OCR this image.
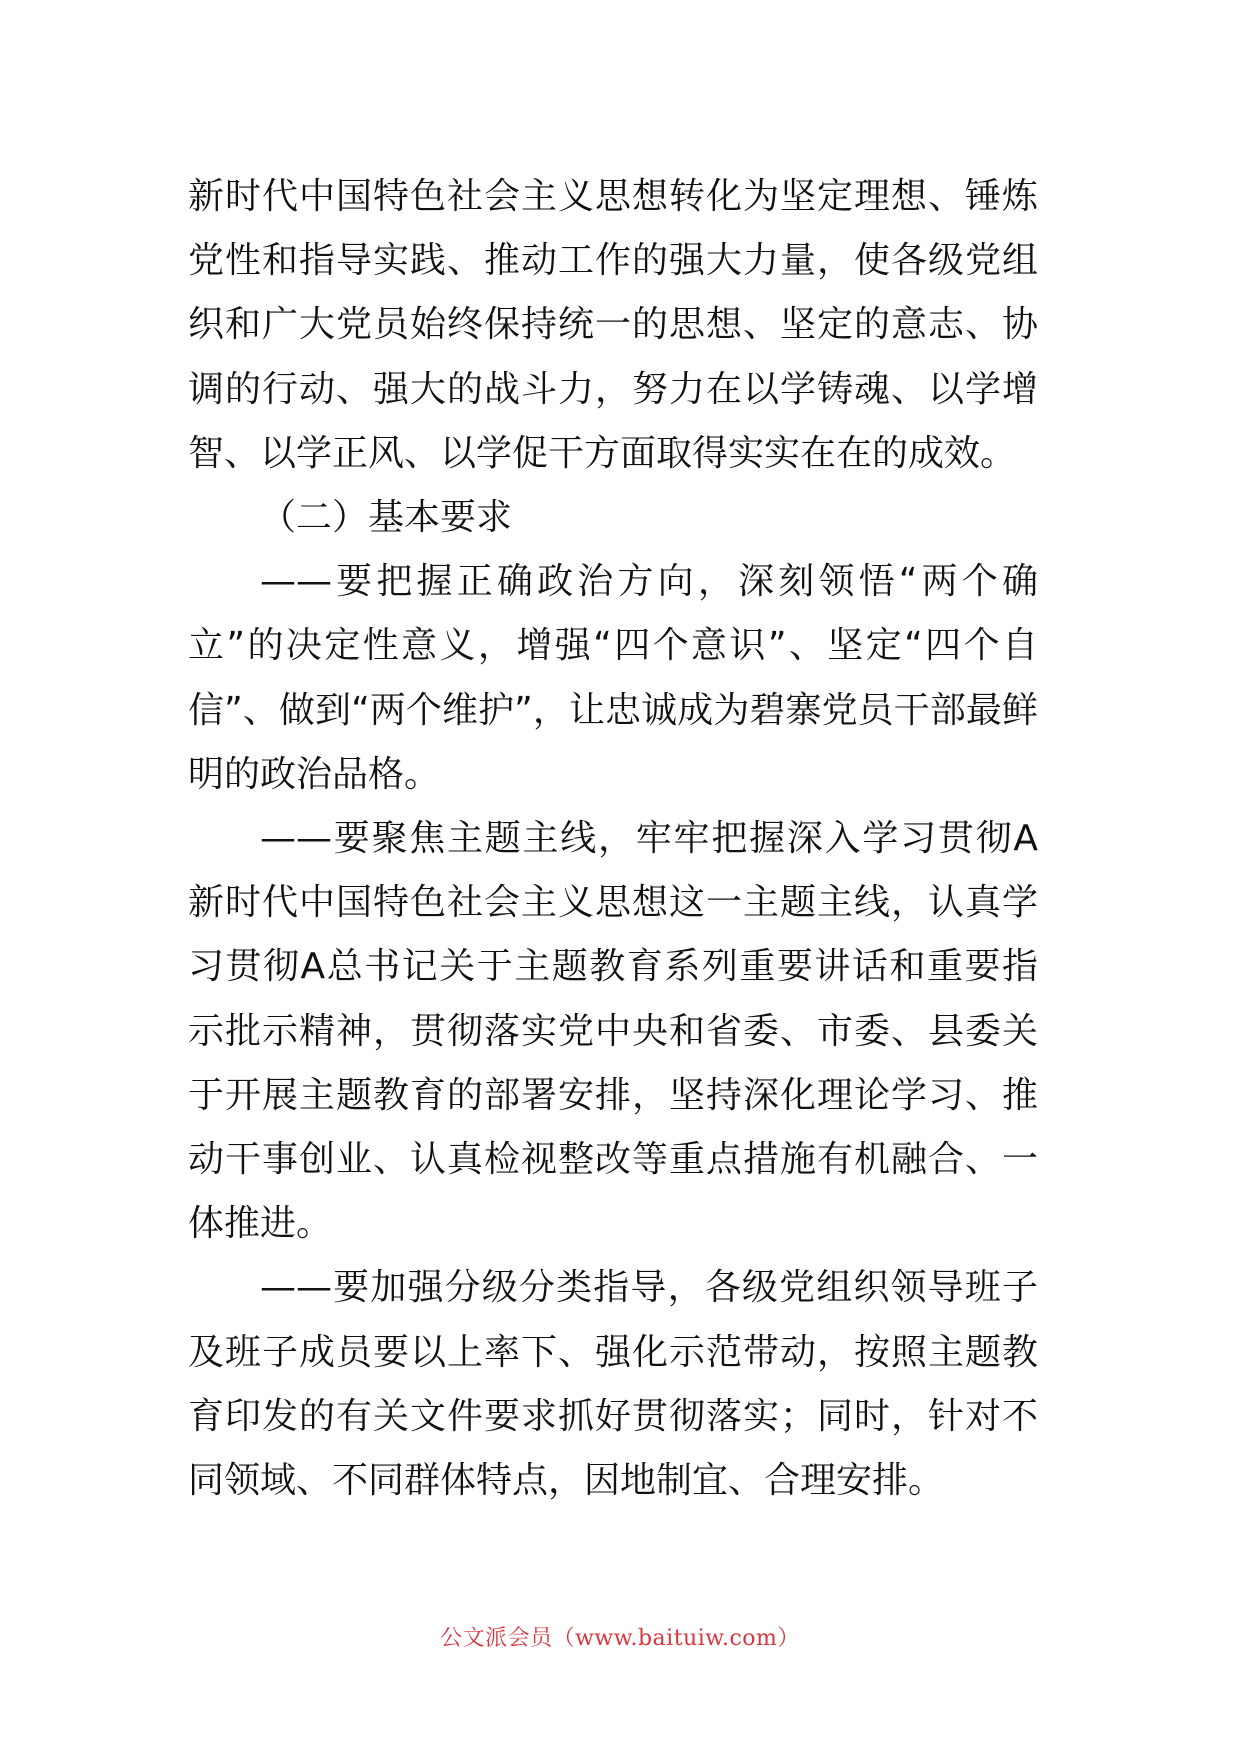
新时代中国特色社会主义思想转化为坚定理想、锤炼党性和指导实践、推动工作的强大力量，使各级党组织和广大党员始终保持统一的思想、坚定的意志、协调的行动、强大的战斗力，努力在以学铸魂、以学增智、以学正风、以学促干方面取得实实在在的成效。

（二）基本要求

——要把握正确政治方向，深刻领悟“两个确立”的决定性意义，增强“四个意识”、坚定“四个自信”、做到“两个维护”，让忠诚成为碧寨党员干部最鲜明的政治品格。

——要聚焦主题主线，牢牢把握深入学习贯彻A新时代中国特色社会主义思想这一主题主线，认真学习贯彻A总书记关于主题教育系列重要讲话和重要指示批示精神，贯彻落实党中央和省委、市委、县委关于开展主题教育的部署安排，坚持深化理论学习、推动干事创业、认真检视整改等重点措施有机融合、一体推进。

——要加强分级分类指导，各级党组织领导班子及班子成员要以上率下、强化示范带动，按照主题教育印发的有关文件要求抓好贯彻落实；同时，针对不同领域、不同群体特点，因地制宜、合理安排。

公文派会员（www.baituiw.com）
